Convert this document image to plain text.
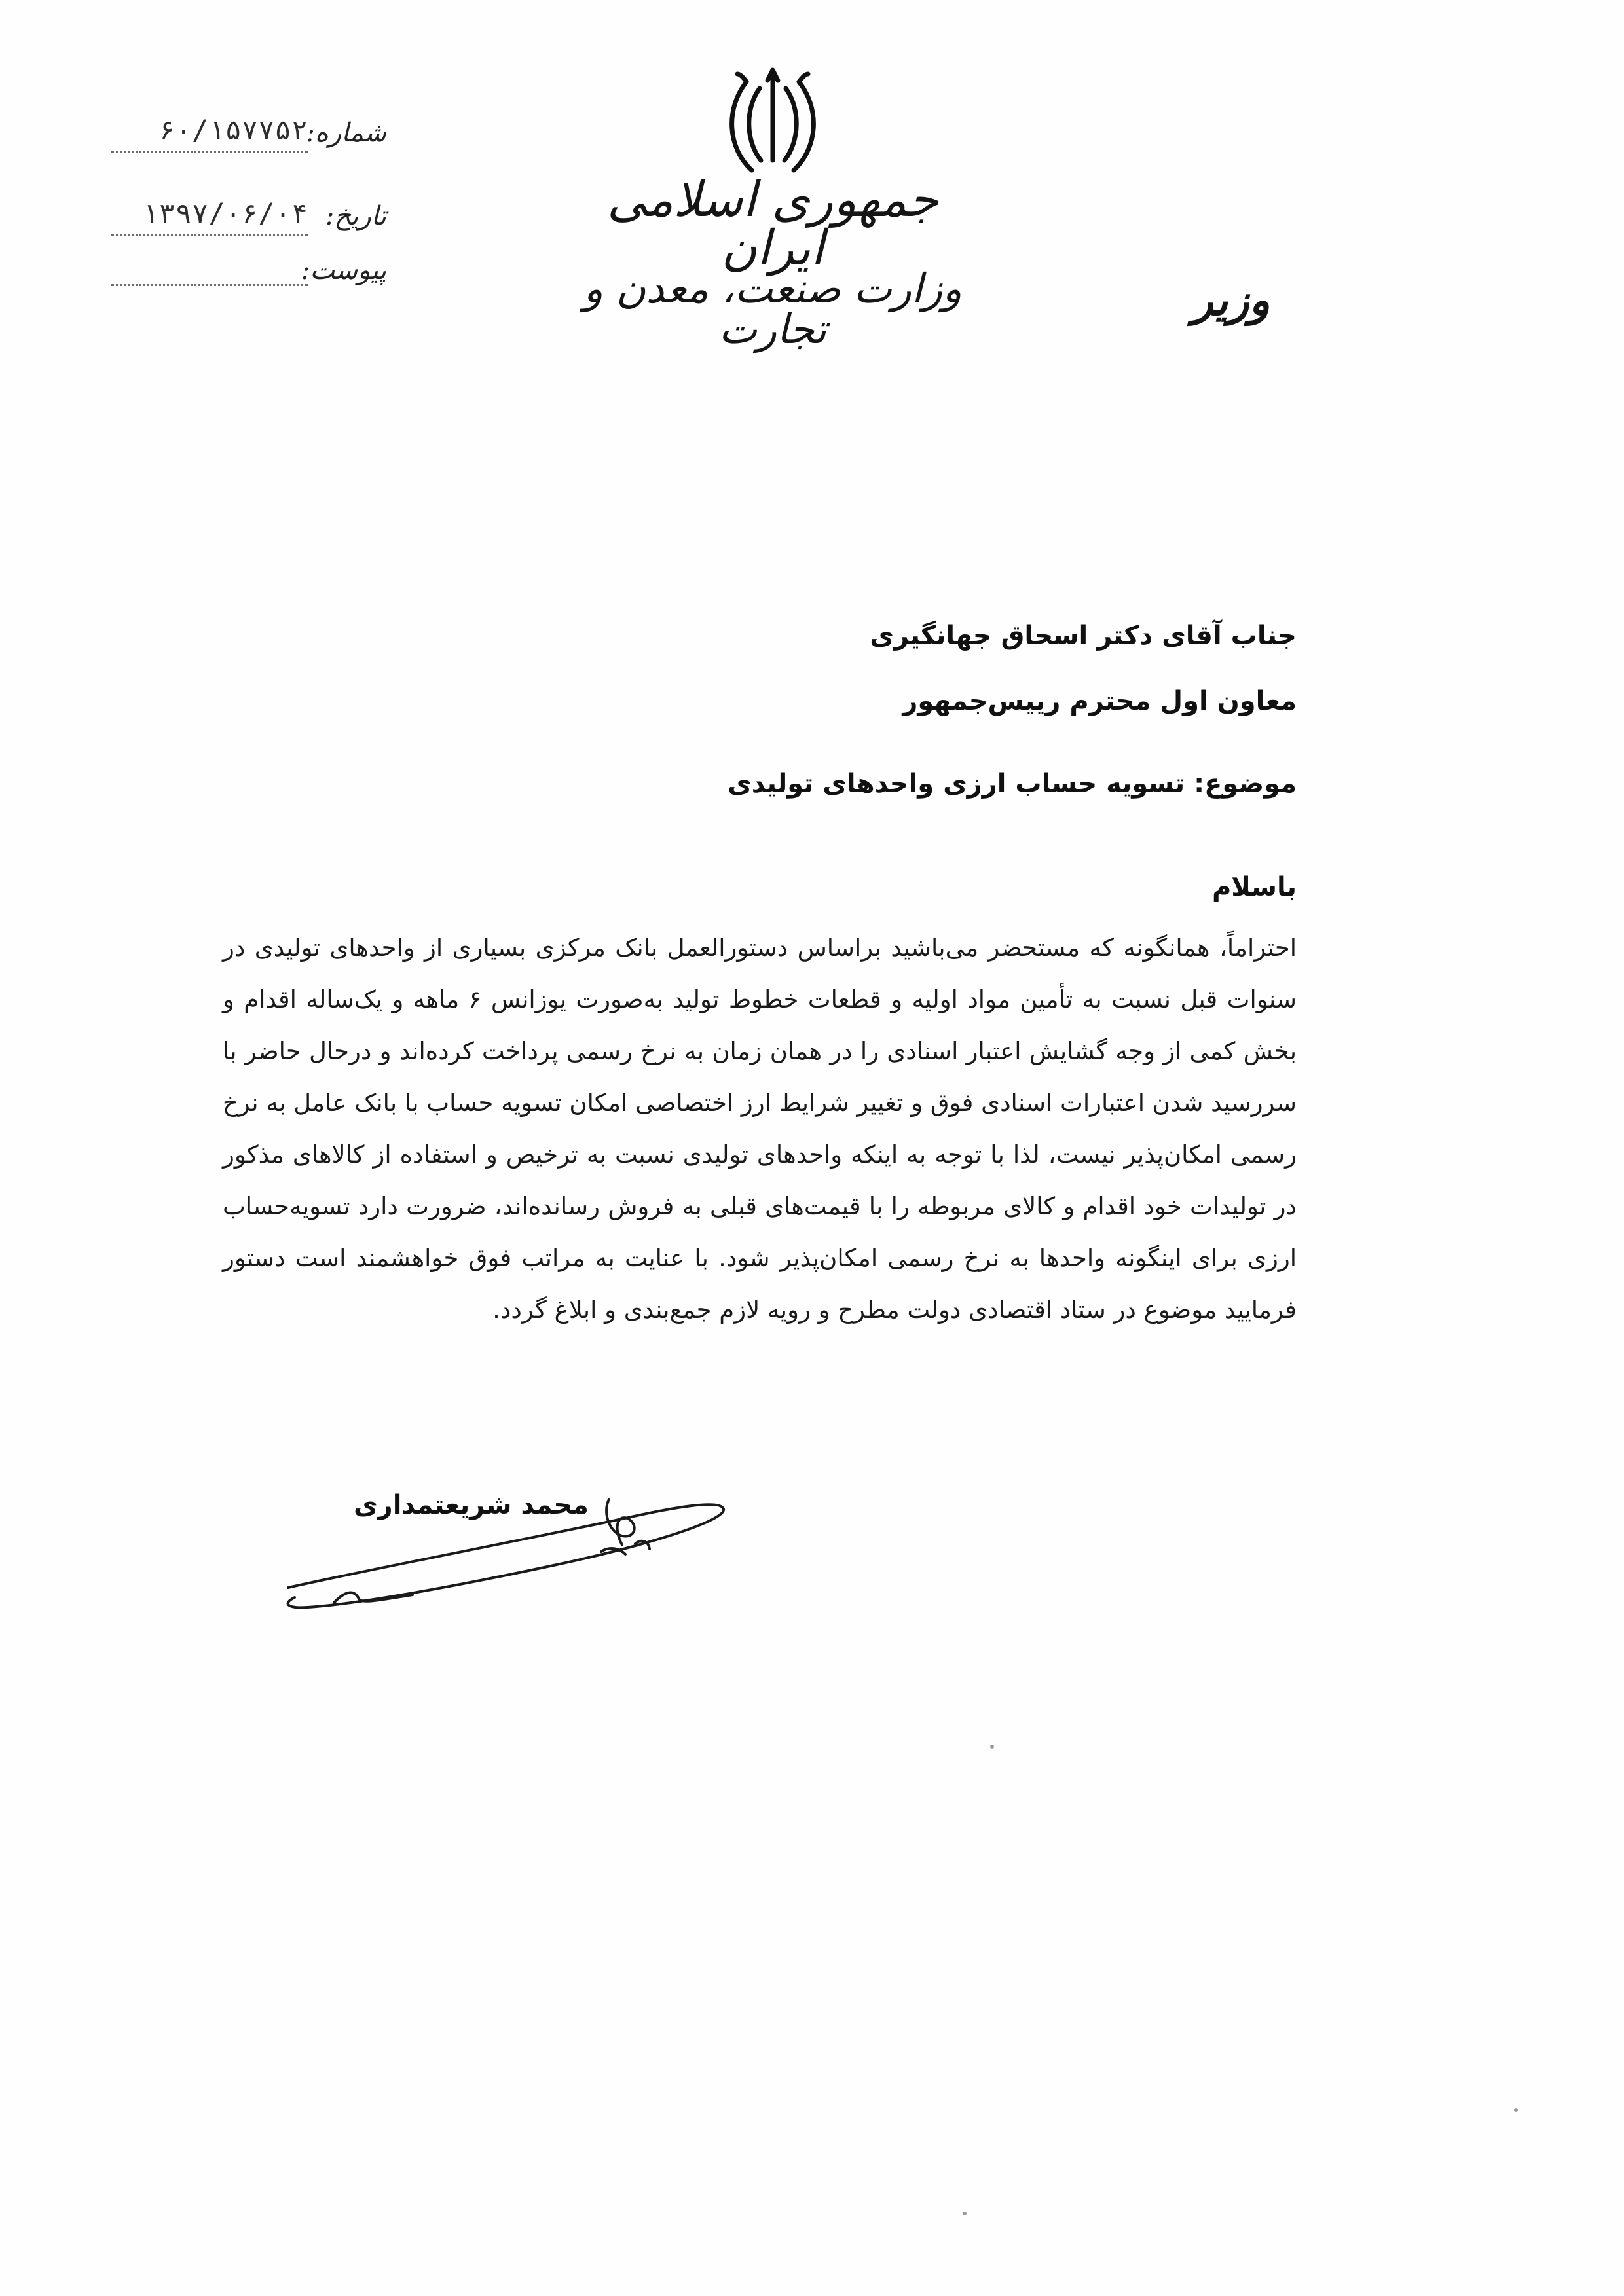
جمهوری اسلامی ایران
وزارت صنعت، معدن و تجارت
وزیر
شماره:
۶۰/۱۵۷۷۵۲
تاریخ:
۱۳۹۷/۰۶/۰۴
پیوست:
جناب آقای دکتر اسحاق جهانگیری
معاون اول محترم رییس‌جمهور
موضوع: تسویه حساب ارزی واحدهای تولیدی
باسلام
احتراماً، همانگونه که مستحضر می‌باشید براساس دستورالعمل بانک مرکزی بسیاری از واحدهای تولیدی در سنوات قبل نسبت به تأمین مواد اولیه و قطعات خطوط تولید به‌صورت یوزانس ۶ ماهه و یک‌ساله اقدام و بخش کمی از وجه گشایش اعتبار اسنادی را در همان زمان به نرخ رسمی پرداخت کرده‌اند و درحال حاضر با سررسید شدن اعتبارات اسنادی فوق و تغییر شرایط ارز اختصاصی امکان تسویه حساب با بانک عامل به نرخ رسمی امکان‌پذیر نیست، لذا با توجه به اینکه واحدهای تولیدی نسبت به ترخیص و استفاده از کالاهای مذکور در تولیدات خود اقدام و کالای مربوطه را با قیمت‌های قبلی به فروش رسانده‌اند، ضرورت دارد تسویه‌حساب ارزی برای اینگونه واحدها به نرخ رسمی امکان‌پذیر شود. با عنایت به مراتب فوق خواهشمند است دستور فرمایید موضوع در ستاد اقتصادی دولت مطرح و رویه لازم جمع‌بندی و ابلاغ گردد.
محمد شریعتمداری
